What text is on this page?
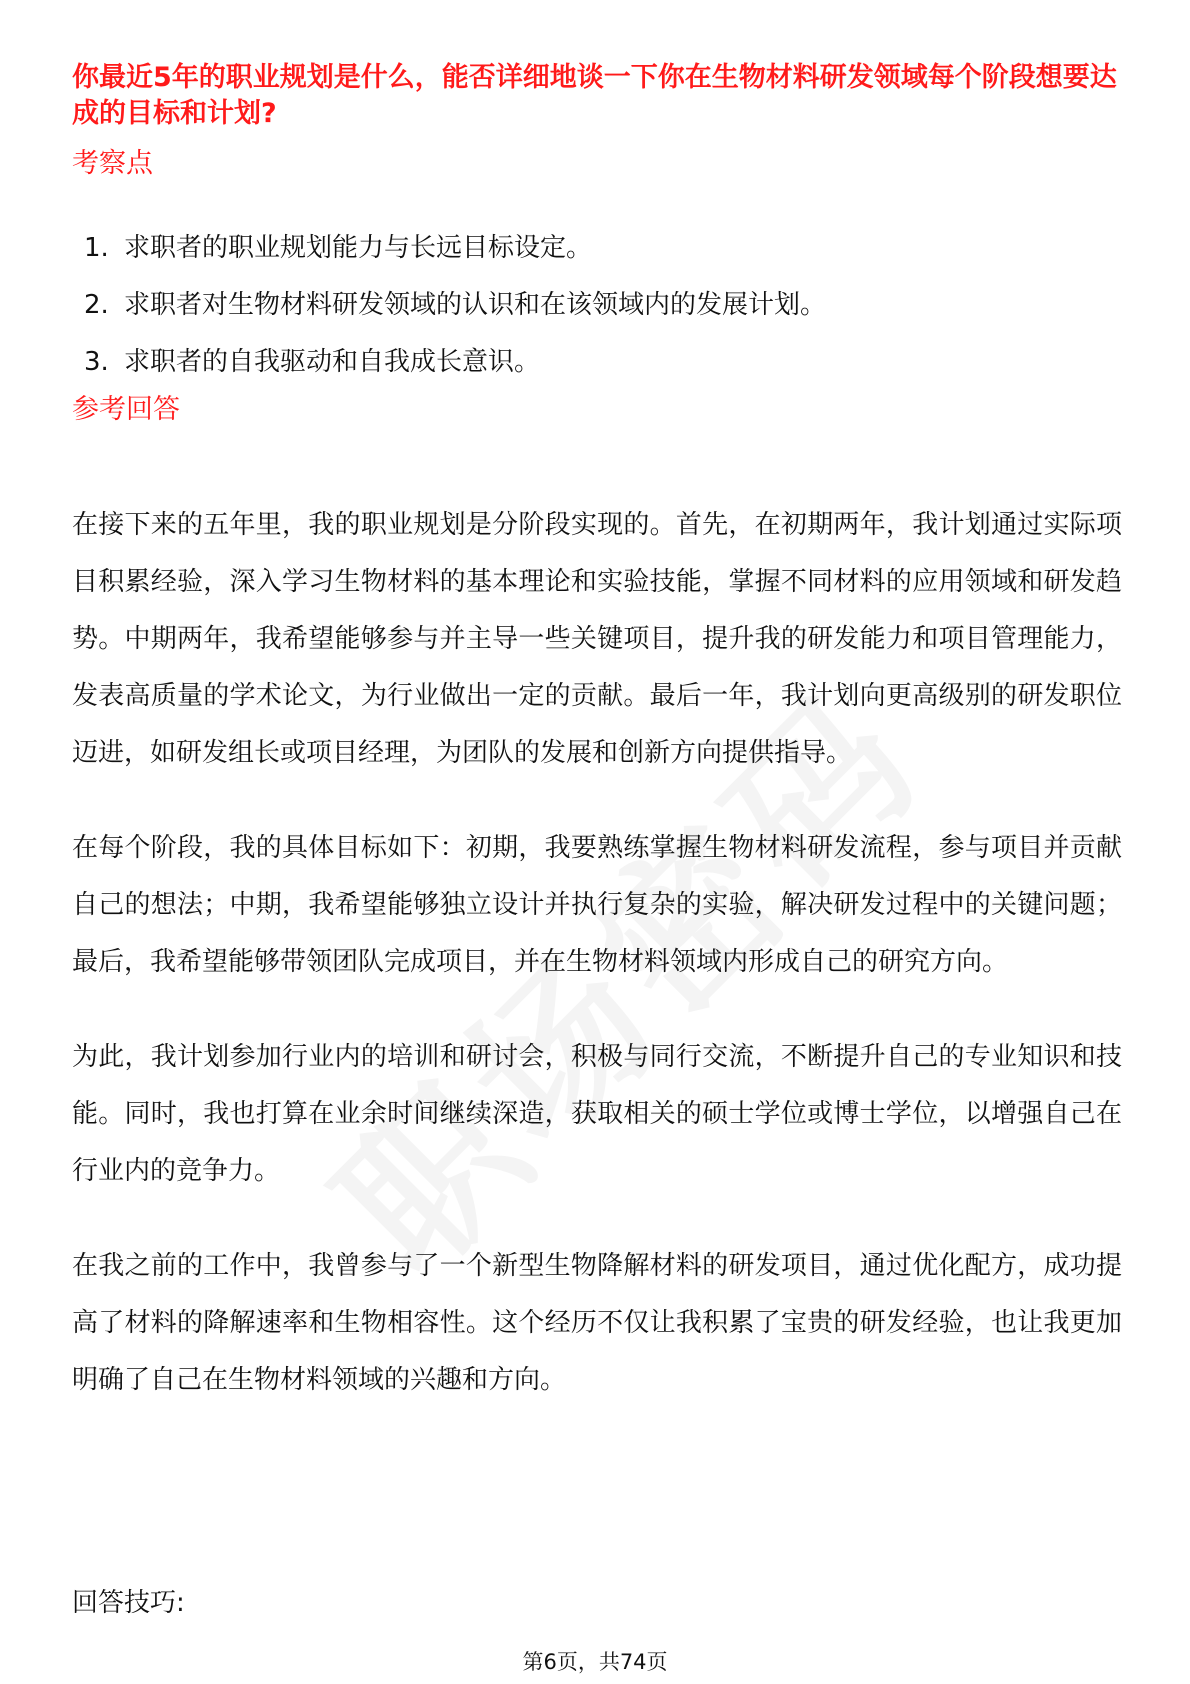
你最近5年的职业规划是什么，能否详细地谈一下你在生物材料研发领域每个阶段想要达成的目标和计划?
考察点
1. 求职者的职业规划能力与长远目标设定。
2. 求职者对生物材料研发领域的认识和在该领域内的发展计划。
3. 求职者的自我驱动和自我成长意识。
参考回答

在接下来的五年里，我的职业规划是分阶段实现的。首先，在初期两年，我计划通过实际项目积累经验，深入学习生物材料的基本理论和实验技能，掌握不同材料的应用领域和研发趋势。中期两年，我希望能够参与并主导一些关键项目，提升我的研发能力和项目管理能力，发表高质量的学术论文，为行业做出一定的贡献。最后一年，我计划向更高级别的研发职位迈进，如研发组长或项目经理，为团队的发展和创新方向提供指导。

在每个阶段，我的具体目标如下：初期，我要熟练掌握生物材料研发流程，参与项目并贡献自己的想法；中期，我希望能够独立设计并执行复杂的实验，解决研发过程中的关键问题；最后，我希望能够带领团队完成项目，并在生物材料领域内形成自己的研究方向。

为此，我计划参加行业内的培训和研讨会，积极与同行交流，不断提升自己的专业知识和技能。同时，我也打算在业余时间继续深造，获取相关的硕士学位或博士学位，以增强自己在行业内的竞争力。

在我之前的工作中，我曾参与了一个新型生物降解材料的研发项目，通过优化配方，成功提高了材料的降解速率和生物相容性。这个经历不仅让我积累了宝贵的研发经验，也让我更加明确了自己在生物材料领域的兴趣和方向。

回答技巧:

第6页，共74页
